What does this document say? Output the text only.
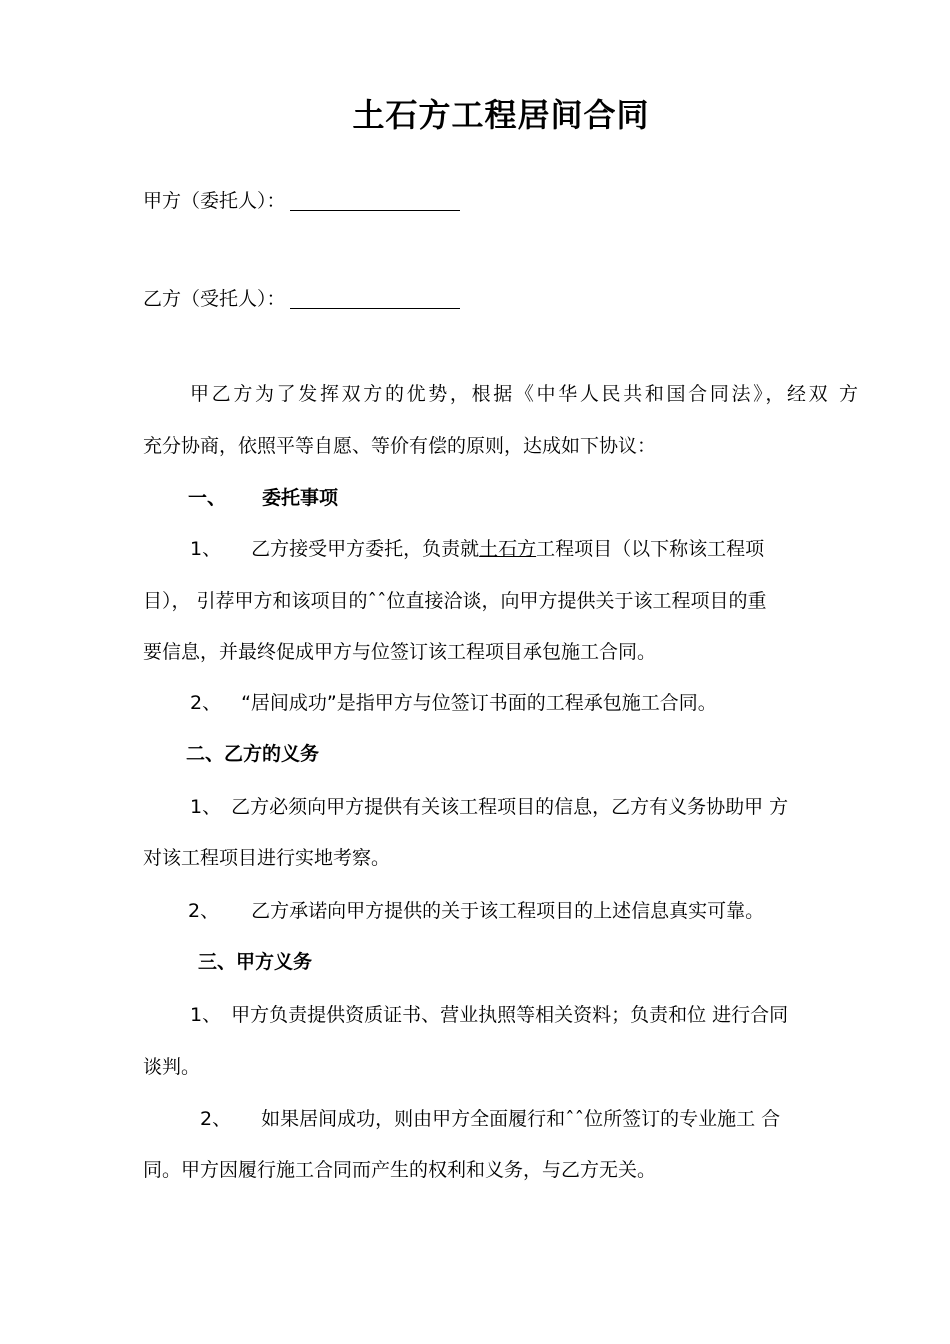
土石方工程居间合同
甲方（委托人）：
乙方（受托人）：
甲乙方为了发挥双方的优势，根据《中华人民共和国合同法》，经双 方
充分协商，依照平等自愿、等价有偿的原则，达成如下协议：
一、 委托事项
1、 乙方接受甲方委托，负责就土石方工程项目（以下称该工程项
目）， 引荐甲方和该项目的ˆˆ位直接洽谈，向甲方提供关于该工程项目的重
要信息，并最终促成甲方与位签订该工程项目承包施工合同。
2、 “居间成功”是指甲方与位签订书面的工程承包施工合同。
二、乙方的义务
1、 乙方必须向甲方提供有关该工程项目的信息，乙方有义务协助甲 方
对该工程项目进行实地考察。
2、 乙方承诺向甲方提供的关于该工程项目的上述信息真实可靠。
三、甲方义务
1、 甲方负责提供资质证书、营业执照等相关资料；负责和位 进行合同
谈判。
2、 如果居间成功，则由甲方全面履行和ˆˆ位所签订的专业施工 合
同。甲方因履行施工合同而产生的权利和义务，与乙方无关。
